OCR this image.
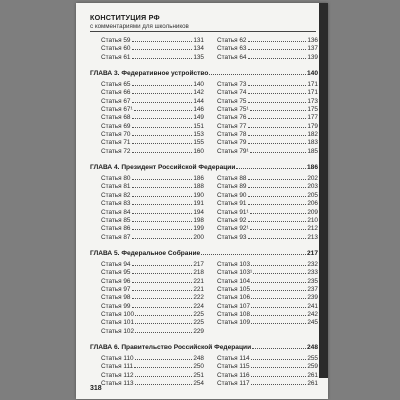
КОНСТИТУЦИЯ РФ
с комментариями для школьников
Статья 59	131
Статья 60	134
Статья 61	135
Статья 62	136
Статья 63	137
Статья 64	139
ГЛАВА 3. Федеративное устройство	140
Статья 65	140
Статья 66	142
Статья 67	144
Статья 67¹	146
Статья 68	149
Статья 69	151
Статья 70	153
Статья 71	155
Статья 72	160
Статья 73	171
Статья 74	171
Статья 75	173
Статья 75¹	175
Статья 76	177
Статья 77	179
Статья 78	182
Статья 79	183
Статья 79¹	185
ГЛАВА 4. Президент Российской Федерации	186
Статья 80	186
Статья 81	188
Статья 82	190
Статья 83	191
Статья 84	194
Статья 85	198
Статья 86	199
Статья 87	200
Статья 88	202
Статья 89	203
Статья 90	205
Статья 91	206
Статья 91¹	209
Статья 92	210
Статья 92¹	212
Статья 93	213
ГЛАВА 5. Федеральное Собрание	217
Статья 94	217
Статья 95	218
Статья 96	221
Статья 97	221
Статья 98	222
Статья 99	224
Статья 100	225
Статья 101	225
Статья 102	229
Статья 103	232
Статья 103¹	233
Статья 104	235
Статья 105	237
Статья 106	239
Статья 107	241
Статья 108	242
Статья 109	245
ГЛАВА 6. Правительство Российской Федерации	248
Статья 110	248
Статья 111	250
Статья 112	251
Статья 113	254
Статья 114	255
Статья 115	259
Статья 116	261
Статья 117	261
318
